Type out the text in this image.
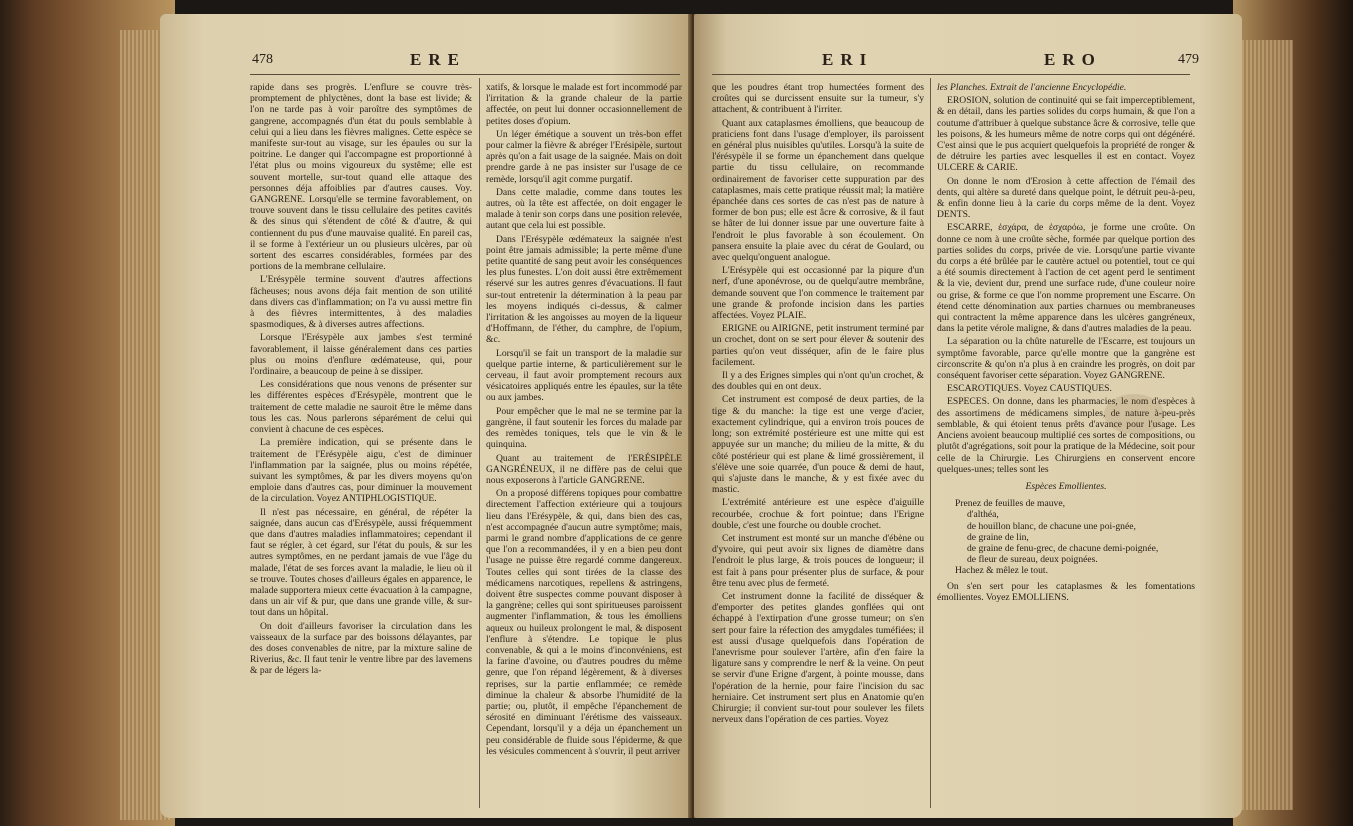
478	ERE

rapide dans ses progrès. L'enflure se couvre très-promptement de phlyctènes, dont la base est livide; & l'on ne tarde pas à voir paroître des symptômes de gangrene, accompagnés d'un état du pouls semblable à celui qui a lieu dans les fièvres malignes. Cette espèce se manifeste sur-tout au visage, sur les épaules ou sur la poitrine. Le danger qui l'accompagne est proportionné à l'état plus ou moins vigoureux du systême; elle est souvent mortelle, sur-tout quand elle attaque des personnes déja affoiblies par d'autres causes. Voy. GANGRENE. Lorsqu'elle se termine favorablement, on trouve souvent dans le tissu cellulaire des petites cavités & des sinus qui s'étendent de côté & d'autre, & qui contiennent du pus d'une mauvaise qualité. En pareil cas, il se forme à l'extérieur un ou plusieurs ulcères, par où sortent des escarres considérables, formées par des portions de la membrane cellulaire.

L'Erésypèle termine souvent d'autres affections fâcheuses; nous avons déja fait mention de son utilité dans divers cas d'inflammation; on l'a vu aussi mettre fin à des fièvres intermittentes, à des maladies spasmodiques, & à diverses autres affections.

Lorsque l'Erésypèle aux jambes s'est terminé favorablement, il laisse généralement dans ces parties plus ou moins d'enflure œdémateuse, qui, pour l'ordinaire, a beaucoup de peine à se dissiper.

Les considérations que nous venons de présenter sur les différentes espèces d'Erésypèle, montrent que le traitement de cette maladie ne sauroit être le même dans tous les cas. Nous parlerons séparément de celui qui convient à chacune de ces espèces.

La première indication, qui se présente dans le traitement de l'Erésypèle aigu, c'est de diminuer l'inflammation par la saignée, plus ou moins répétée, suivant les symptômes, & par les divers moyens qu'on emploie dans d'autres cas, pour diminuer la mouvement de la circulation. Voyez ANTIPHLOGISTIQUE.

Il n'est pas nécessaire, en général, de répéter la saignée, dans aucun cas d'Erésypèle, aussi fréquemment que dans d'autres maladies inflammatoires; cependant il faut se régler, à cet égard, sur l'état du pouls, & sur les autres symptômes, en ne perdant jamais de vue l'âge du malade, l'état de ses forces avant la maladie, le lieu où il se trouve. Toutes choses d'ailleurs égales en apparence, le malade supportera mieux cette évacuation à la campagne, dans un air vif & pur, que dans une grande ville, & sur-tout dans un hôpital.

On doit d'ailleurs favoriser la circulation dans les vaisseaux de la surface par des boissons délayantes, par des doses convenables de nitre, par la mixture saline de Riverius, &c. Il faut tenir le ventre libre par des lavemens & par de légers la-

xatifs, & lorsque le malade est fort incommodé par l'irritation & la grande chaleur de la partie affectée, on peut lui donner occasionnellement de petites doses d'opium.

Un léger émétique a souvent un très-bon effet pour calmer la fièvre & abréger l'Erésipèle, surtout après qu'on a fait usage de la saignée. Mais on doit prendre garde à ne pas insister sur l'usage de ce remède, lorsqu'il agit comme purgatif.

Dans cette maladie, comme dans toutes les autres, où la tête est affectée, on doit engager le malade à tenir son corps dans une position relevée, autant que cela lui est possible.

Dans l'Erésypèle œdémateux la saignée n'est point être jamais admissible; la perte même d'une petite quantité de sang peut avoir les conséquences les plus funestes. L'on doit aussi être extrêmement réservé sur les autres genres d'évacuations. Il faut sur-tout entretenir la détermination à la peau par les moyens indiqués ci-dessus, & calmer l'irritation & les angoisses au moyen de la liqueur d'Hoffmann, de l'éther, du camphre, de l'opium, &c.

Lorsqu'il se fait un transport de la maladie sur quelque partie interne, & particulièrement sur le cerveau, il faut avoir promptement recours aux vésicatoires appliqués entre les épaules, sur la tête ou aux jambes.

Pour empêcher que le mal ne se termine par la gangrène, il faut soutenir les forces du malade par des remèdes toniques, tels que le vin & le quinquina.

Quant au traitement de l'ERÉSIPÈLE GANGRÉNEUX, il ne diffère pas de celui que nous exposerons à l'article GANGRENE.

On a proposé différens topiques pour combattre directement l'affection extérieure qui a toujours lieu dans l'Erésypèle, & qui, dans bien des cas, n'est accompagnée d'aucun autre symptôme; mais, parmi le grand nombre d'applications de ce genre que l'on a recommandées, il y en a bien peu dont l'usage ne puisse être regardé comme dangereux. Toutes celles qui sont tirées de la classe des médicamens narcotiques, repellens & astringens, doivent être suspectes comme pouvant disposer à la gangrène; celles qui sont spiritueuses paroissent augmenter l'inflammation, & tous les émolliens aqueux ou huileux prolongent le mal, & disposent l'enflure à s'étendre. Le topique le plus convenable, & qui a le moins d'inconvéniens, est la farine d'avoine, ou d'autres poudres du même genre, que l'on répand légèrement, & à diverses reprises, sur la partie enflammée; ce remède diminue la chaleur & absorbe l'humidité de la partie; ou, plutôt, il empêche l'épanchement de sérosité en diminuant l'érétisme des vaisseaux. Cependant, lorsqu'il y a déja un épanchement un peu considérable de fluide sous l'épiderme, & que les vésicules commencent à s'ouvrir, il peut arriver

ERI	ERO	479

que les poudres étant trop humectées forment des croûtes qui se durcissent ensuite sur la tumeur, s'y attachent, & contribuent à l'irriter.

Quant aux cataplasmes émolliens, que beaucoup de praticiens font dans l'usage d'employer, ils paroissent en général plus nuisibles qu'utiles. Lorsqu'à la suite de l'érésypèle il se forme un épanchement dans quelque partie du tissu cellulaire, on recommande ordinairement de favoriser cette suppuration par des cataplasmes, mais cette pratique réussit mal; la matière épanchée dans ces sortes de cas n'est pas de nature à former de bon pus; elle est âcre & corrosive, & il faut se hâter de lui donner issue par une ouverture faite à l'endroit le plus favorable à son écoulement. On pansera ensuite la plaie avec du cérat de Goulard, ou avec quelqu'onguent analogue.

L'Erésypèle qui est occasionné par la piqure d'un nerf, d'une aponévrose, ou de quelqu'autre membrâne, demande souvent que l'on commence le traitement par une grande & profonde incision dans les parties affectées. Voyez PLAIE.

ERIGNE ou AIRIGNE, petit instrument terminé par un crochet, dont on se sert pour élever & soutenir des parties qu'on veut disséquer, afin de le faire plus facilement.

Il y a des Erignes simples qui n'ont qu'un crochet, & des doubles qui en ont deux.

Cet instrument est composé de deux parties, de la tige & du manche: la tige est une verge d'acier, exactement cylindrique, qui a environ trois pouces de long; son extrémité postérieure est une mitte qui est appuyée sur un manche; du milieu de la mitte, & du côté postérieur qui est plane & limé grossièrement, il s'élève une soie quarrée, d'un pouce & demi de haut, qui s'ajuste dans le manche, & y est fixée avec du mastic.

L'extrémité antérieure est une espèce d'aiguille recourbée, crochue & fort pointue; dans l'Erigne double, c'est une fourche ou double crochet.

Cet instrument est monté sur un manche d'ébène ou d'yvoire, qui peut avoir six lignes de diamètre dans l'endroit le plus large, & trois pouces de longueur; il est fait à pans pour présenter plus de surface, & pour être tenu avec plus de fermeté.

Cet instrument donne la facilité de disséquer & d'emporter des petites glandes gonflées qui ont échappé à l'extirpation d'une grosse tumeur; on s'en sert pour faire la réfection des amygdales tuméfiées; il est aussi d'usage quelquefois dans l'opération de l'anevrisme pour soulever l'artère, afin d'en faire la ligature sans y comprendre le nerf & la veine. On peut se servir d'une Erigne d'argent, à pointe mousse, dans l'opération de la hernie, pour faire l'incision du sac herniaire. Cet instrument sert plus en Anatomie qu'en Chirurgie; il convient sur-tout pour soulever les filets nerveux dans l'opération de ces parties. Voyez

les Planches. Extrait de l'ancienne Encyclopédie.

EROSION, solution de continuité qui se fait imperceptiblement, & en détail, dans les parties solides du corps humain, & que l'on a coutume d'attribuer à quelque substance âcre & corrosive, telle que les poisons, & les humeurs même de notre corps qui ont dégénéré. C'est ainsi que le pus acquiert quelquefois la propriété de ronger & de détruire les parties avec lesquelles il est en contact. Voyez ULCERE & CARIE.

On donne le nom d'Erosion à cette affection de l'émail des dents, qui altère sa dureté dans quelque point, le détruit peu-à-peu, & enfin donne lieu à la carie du corps même de la dent. Voyez DENTS.

ESCARRE, ἐσχάρα, de ἐσχαρόω, je forme une croûte. On donne ce nom à une croûte sèche, formée par quelque portion des parties solides du corps, privée de vie. Lorsqu'une partie vivante du corps a été brûlée par le cautère actuel ou potentiel, tout ce qui a été soumis directement à l'action de cet agent perd le sentiment & la vie, devient dur, prend une surface rude, d'une couleur noire ou grise, & forme ce que l'on nomme proprement une Escarre. On étend cette dénomination aux parties charnues ou membraneuses qui contractent la même apparence dans les ulcères gangréneux, dans la petite vérole maligne, & dans d'autres maladies de la peau.

La séparation ou la chûte naturelle de l'Escarre, est toujours un symptôme favorable, parce qu'elle montre que la gangrène est circonscrite & qu'on n'a plus à en craindre les progrès, on doit par conséquent favoriser cette séparation. Voyez GANGRENE.

ESCAROTIQUES. Voyez CAUSTIQUES.

ESPECES. On donne, dans les pharmacies, le nom d'espèces à des assortimens de médicamens simples, de nature à-peu-près semblable, & qui étoient tenus prêts d'avance pour l'usage. Les Anciens avoient beaucoup multiplié ces sortes de compositions, ou plutôt d'agrégations, soit pour la pratique de la Médecine, soit pour celle de la Chirurgie. Les Chirurgiens en conservent encore quelques-unes; telles sont les

Espèces Emollientes.

Prenez de feuilles de mauve,
d'althéa,
de houillon blanc, de chacune une poi-gnée,
de graine de lin,
de graine de fenu-grec, de chacune demi-poignée,
de fleur de sureau, deux poignées.
Hachez & mêlez le tout.

On s'en sert pour les cataplasmes & les fomentations émollientes. Voyez EMOLLIENS.
